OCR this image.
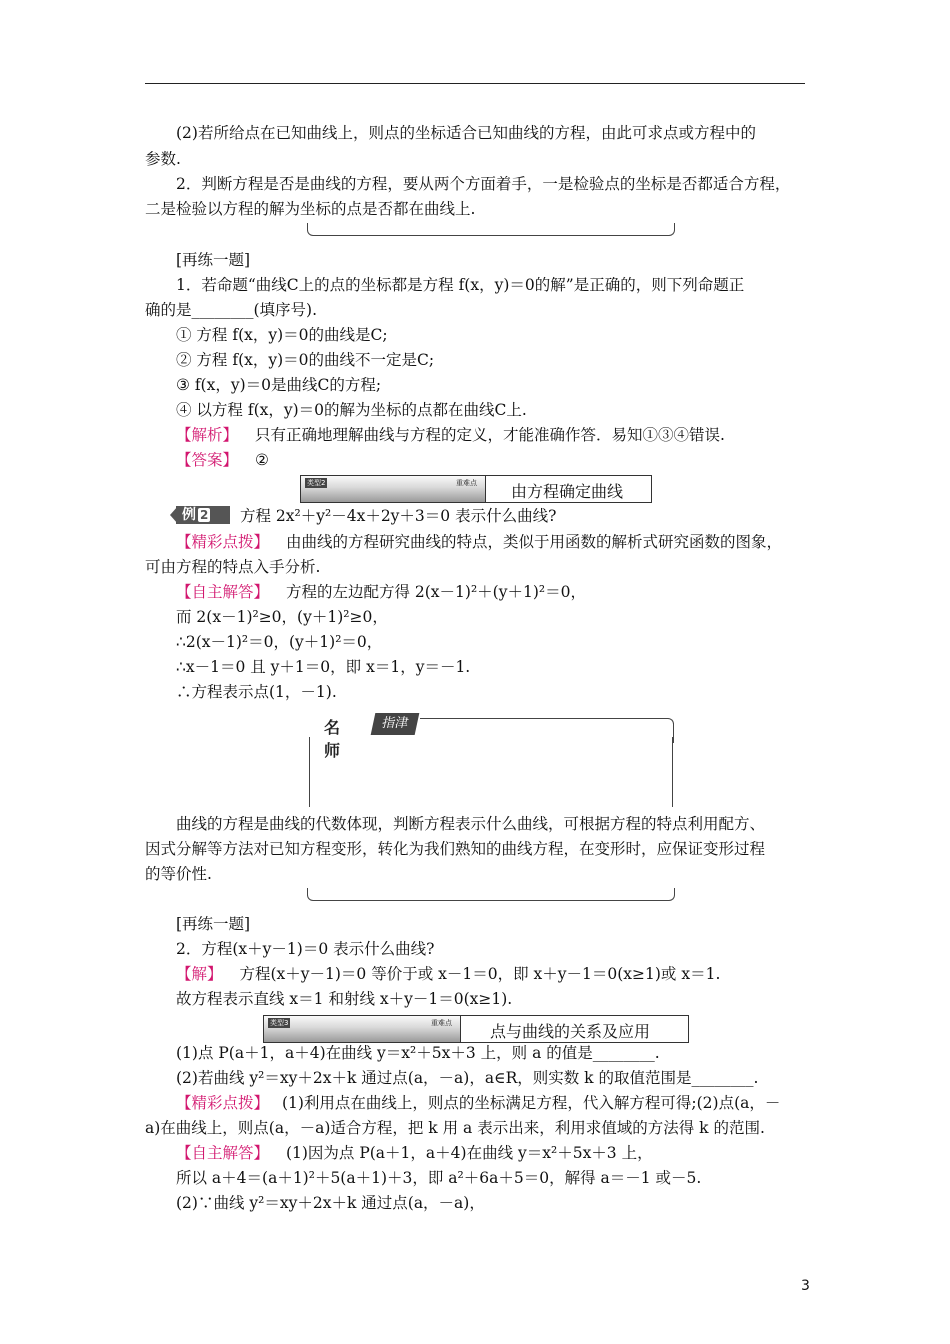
(2)若所给点在已知曲线上，则点的坐标适合已知曲线的方程，由此可求点或方程中的
参数.
2．判断方程是否是曲线的方程，要从两个方面着手，一是检验点的坐标是否都适合方程，
二是检验以方程的解为坐标的点是否都在曲线上.
[再练一题]
1．若命题“曲线C上的点的坐标都是方程 f(x，y)＝0的解”是正确的，则下列命题正
确的是________(填序号).
① 方程 f(x，y)＝0的曲线是C;
② 方程 f(x，y)＝0的曲线不一定是C;
③ f(x，y)＝0是曲线C的方程;
④ 以方程 f(x，y)＝0的解为坐标的点都在曲线C上.
【解析】 只有正确地理解曲线与方程的定义，才能准确作答．易知①③④错误.
【答案】 ②
类型2	重难点 由方程确定曲线
例 2	方程 2x²＋y²－4x＋2y＋3＝0 表示什么曲线?
【精彩点拨】 由曲线的方程研究曲线的特点，类似于用函数的解析式研究函数的图象，
可由方程的特点入手分析.
【自主解答】 方程的左边配方得 2(x－1)²＋(y＋1)²＝0，
而 2(x－1)²≥0，(y＋1)²≥0，
∴2(x－1)²＝0，(y＋1)²＝0，
∴x－1＝0 且 y＋1＝0，即 x＝1，y＝－1.
∴方程表示点(1，－1).
名师
指津
曲线的方程是曲线的代数体现，判断方程表示什么曲线，可根据方程的特点利用配方、
因式分解等方法对已知方程变形，转化为我们熟知的曲线方程，在变形时，应保证变形过程
的等价性.
[再练一题]
2．方程(x＋y－1)＝0 表示什么曲线?
【解】 方程(x＋y－1)＝0 等价于或 x－1＝0，即 x＋y－1＝0(x≥1)或 x＝1.
故方程表示直线 x＝1 和射线 x＋y－1＝0(x≥1).
类型3	重难点 点与曲线的关系及应用
(1)点 P(a＋1，a＋4)在曲线 y＝x²＋5x＋3 上，则 a 的值是________.
(2)若曲线 y²＝xy＋2x＋k 通过点(a，－a)，a∈R，则实数 k 的取值范围是________.
【精彩点拨】 (1)利用点在曲线上，则点的坐标满足方程，代入解方程可得;(2)点(a，－
a)在曲线上，则点(a，－a)适合方程，把 k 用 a 表示出来，利用求值域的方法得 k 的范围.
【自主解答】 (1)因为点 P(a＋1，a＋4)在曲线 y＝x²＋5x＋3 上，
所以 a＋4＝(a＋1)²＋5(a＋1)＋3，即 a²＋6a＋5＝0，解得 a＝－1 或－5.
(2)∵曲线 y²＝xy＋2x＋k 通过点(a，－a)，
3
